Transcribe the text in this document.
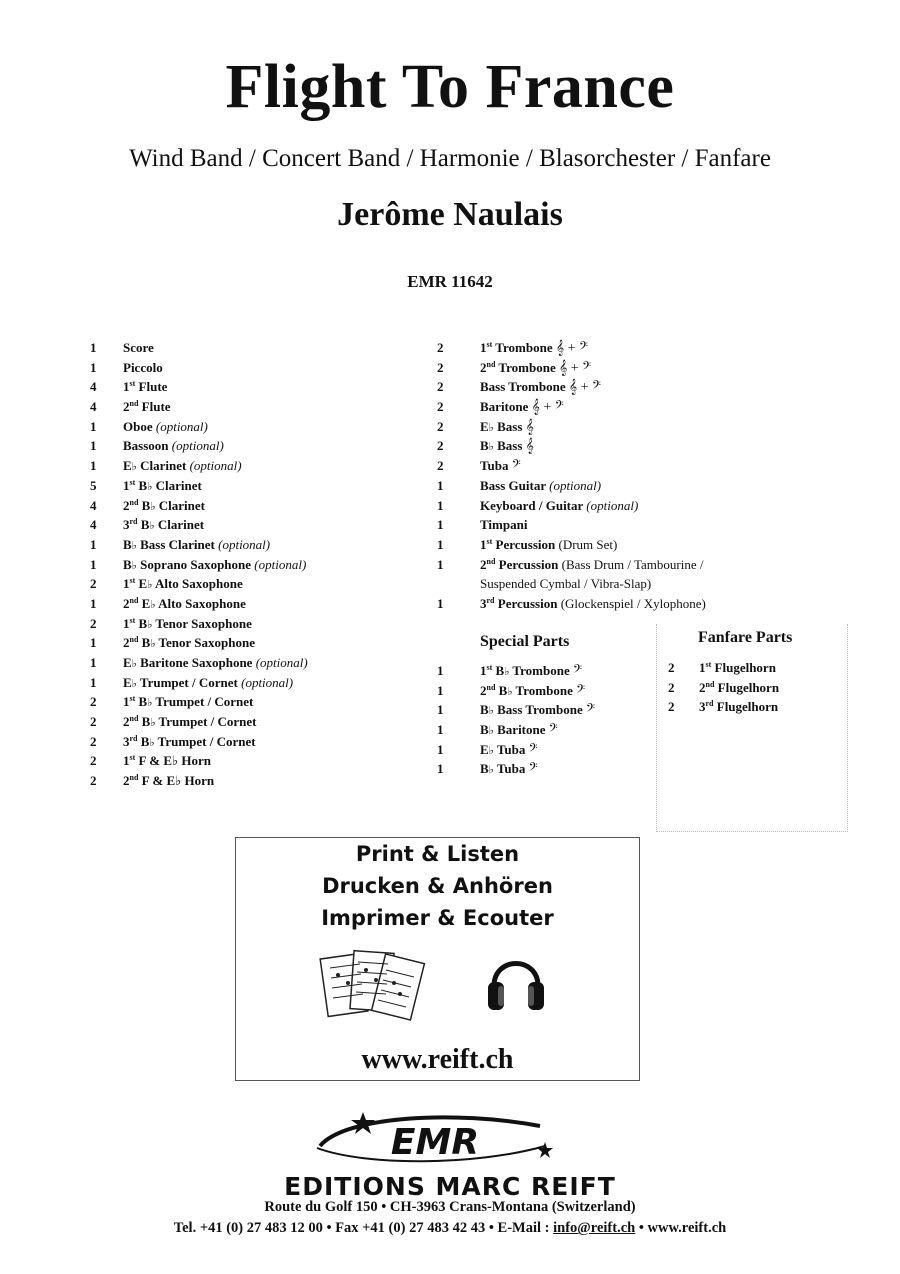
Flight To France
Wind Band / Concert Band / Harmonie / Blasorchester / Fanfare
Jerôme Naulais
EMR 11642
1 Score
1 Piccolo
4 1st Flute
4 2nd Flute
1 Oboe (optional)
1 Bassoon (optional)
1 E♭ Clarinet (optional)
5 1st B♭ Clarinet
4 2nd B♭ Clarinet
4 3rd B♭ Clarinet
1 B♭ Bass Clarinet (optional)
1 B♭ Soprano Saxophone (optional)
2 1st E♭ Alto Saxophone
1 2nd E♭ Alto Saxophone
2 1st B♭ Tenor Saxophone
1 2nd B♭ Tenor Saxophone
1 E♭ Baritone Saxophone (optional)
1 E♭ Trumpet / Cornet (optional)
2 1st B♭ Trumpet / Cornet
2 2nd B♭ Trumpet / Cornet
2 3rd B♭ Trumpet / Cornet
2 1st F & E♭ Horn
2 2nd F & E♭ Horn
2	1st Trombone 𝄞 + 𝄢
2	2nd Trombone 𝄞 + 𝄢
2	Bass Trombone 𝄞 + 𝄢
2	Baritone 𝄞 + 𝄢
2	E♭ Bass 𝄞
2	B♭ Bass 𝄞
2	Tuba 𝄢
1	Bass Guitar (optional)
1	Keyboard / Guitar (optional)
1	Timpani
1	1st Percussion (Drum Set)
1	2nd Percussion (Bass Drum / Tambourine /
Suspended Cymbal / Vibra-Slap)
1	3rd Percussion (Glockenspiel / Xylophone)
Special Parts
1	1st B♭ Trombone 𝄢
1	2nd B♭ Trombone 𝄢
1	B♭ Bass Trombone 𝄢
1	B♭ Baritone 𝄢
1	E♭ Tuba 𝄢
1	B♭ Tuba 𝄢
Fanfare Parts
2 1st Flugelhorn
2 2nd Flugelhorn
2 3rd Flugelhorn
Print & Listen
Drucken & Anhören
Imprimer & Ecouter
www.reift.ch
EMR
EDITIONS MARC REIFT
Route du Golf 150 • CH-3963 Crans-Montana (Switzerland)
Tel. +41 (0) 27 483 12 00 • Fax +41 (0) 27 483 42 43 • E-Mail : info@reift.ch • www.reift.ch
